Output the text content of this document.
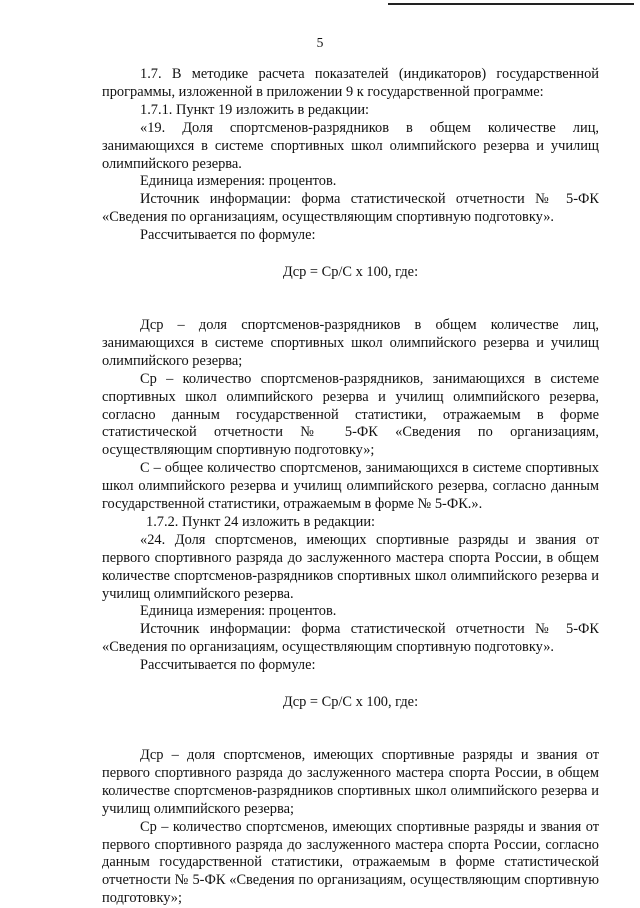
5

1.7. В методике расчета показателей (индикаторов) государственной программы, изложенной в приложении 9 к государственной программе:

1.7.1. Пункт 19 изложить в редакции:

«19. Доля спортсменов-разрядников в общем количестве лиц, занимающихся в системе спортивных школ олимпийского резерва и училищ олимпийского резерва.

Единица измерения: процентов.

Источник информации: форма статистической отчетности № 5-ФК «Сведения по организациям, осуществляющим спортивную подготовку».

Рассчитывается по формуле:

Дср = Ср/С х 100, где:

Дср – доля спортсменов-разрядников в общем количестве лиц, занимающихся в системе спортивных школ олимпийского резерва и училищ олимпийского резерва;

Ср – количество спортсменов-разрядников, занимающихся в системе спортивных школ олимпийского резерва и училищ олимпийского резерва, согласно данным государственной статистики, отражаемым в форме статистической отчетности № 5-ФК «Сведения по организациям, осуществляющим спортивную подготовку»;

С – общее количество спортсменов, занимающихся в системе спортивных школ олимпийского резерва и училищ олимпийского резерва, согласно данным государственной статистики, отражаемым в форме № 5-ФК.».

1.7.2. Пункт 24 изложить в редакции:

«24. Доля спортсменов, имеющих спортивные разряды и звания от первого спортивного разряда до заслуженного мастера спорта России, в общем количестве спортсменов-разрядников спортивных школ олимпийского резерва и училищ олимпийского резерва.

Единица измерения: процентов.

Источник информации: форма статистической отчетности № 5-ФК «Сведения по организациям, осуществляющим спортивную подготовку».

Рассчитывается по формуле:

Дср = Ср/С х 100, где:

Дср – доля спортсменов, имеющих спортивные разряды и звания от первого спортивного разряда до заслуженного мастера спорта России, в общем количестве спортсменов-разрядников спортивных школ олимпийского резерва и училищ олимпийского резерва;

Ср – количество спортсменов, имеющих спортивные разряды и звания от первого спортивного разряда до заслуженного мастера спорта России, согласно данным государственной статистики, отражаемым в форме статистической отчетности № 5-ФК «Сведения по организациям, осуществляющим спортивную подготовку»;
